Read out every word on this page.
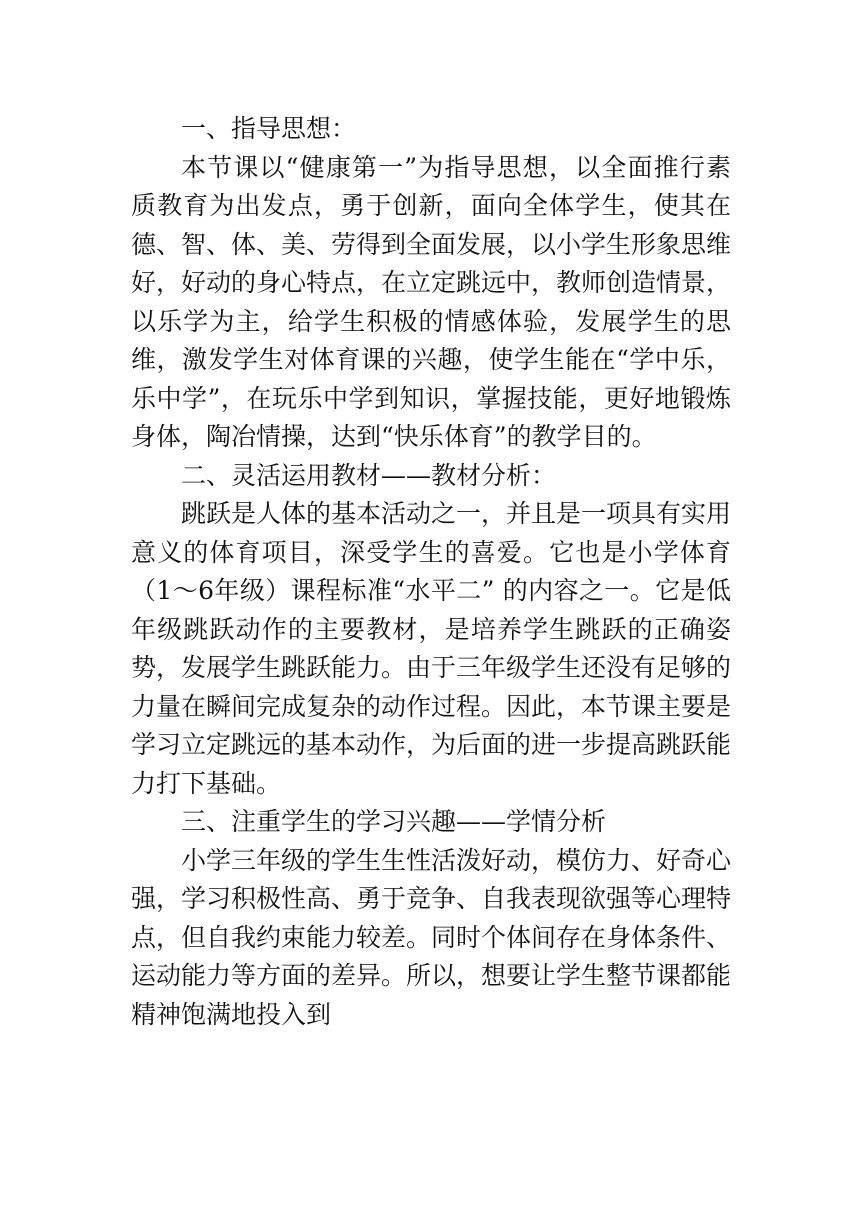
一、指导思想：

本节课以“健康第一”为指导思想，以全面推行素质教育为出发点，勇于创新，面向全体学生，使其在德、智、体、美、劳得到全面发展，以小学生形象思维好，好动的身心特点，在立定跳远中，教师创造情景，以乐学为主，给学生积极的情感体验，发展学生的思维，激发学生对体育课的兴趣，使学生能在“学中乐，乐中学”，在玩乐中学到知识，掌握技能，更好地锻炼身体，陶冶情操，达到“快乐体育”的教学目的。

二、灵活运用教材——教材分析：

跳跃是人体的基本活动之一，并且是一项具有实用意义的体育项目，深受学生的喜爱。它也是小学体育（1～6年级）课程标准“水平二” 的内容之一。它是低年级跳跃动作的主要教材，是培养学生跳跃的正确姿势，发展学生跳跃能力。由于三年级学生还没有足够的力量在瞬间完成复杂的动作过程。因此，本节课主要是学习立定跳远的基本动作，为后面的进一步提高跳跃能力打下基础。

三、注重学生的学习兴趣——学情分析

小学三年级的学生生性活泼好动，模仿力、好奇心强，学习积极性高、勇于竞争、自我表现欲强等心理特点，但自我约束能力较差。同时个体间存在身体条件、运动能力等方面的差异。所以，想要让学生整节课都能精神饱满地投入到
